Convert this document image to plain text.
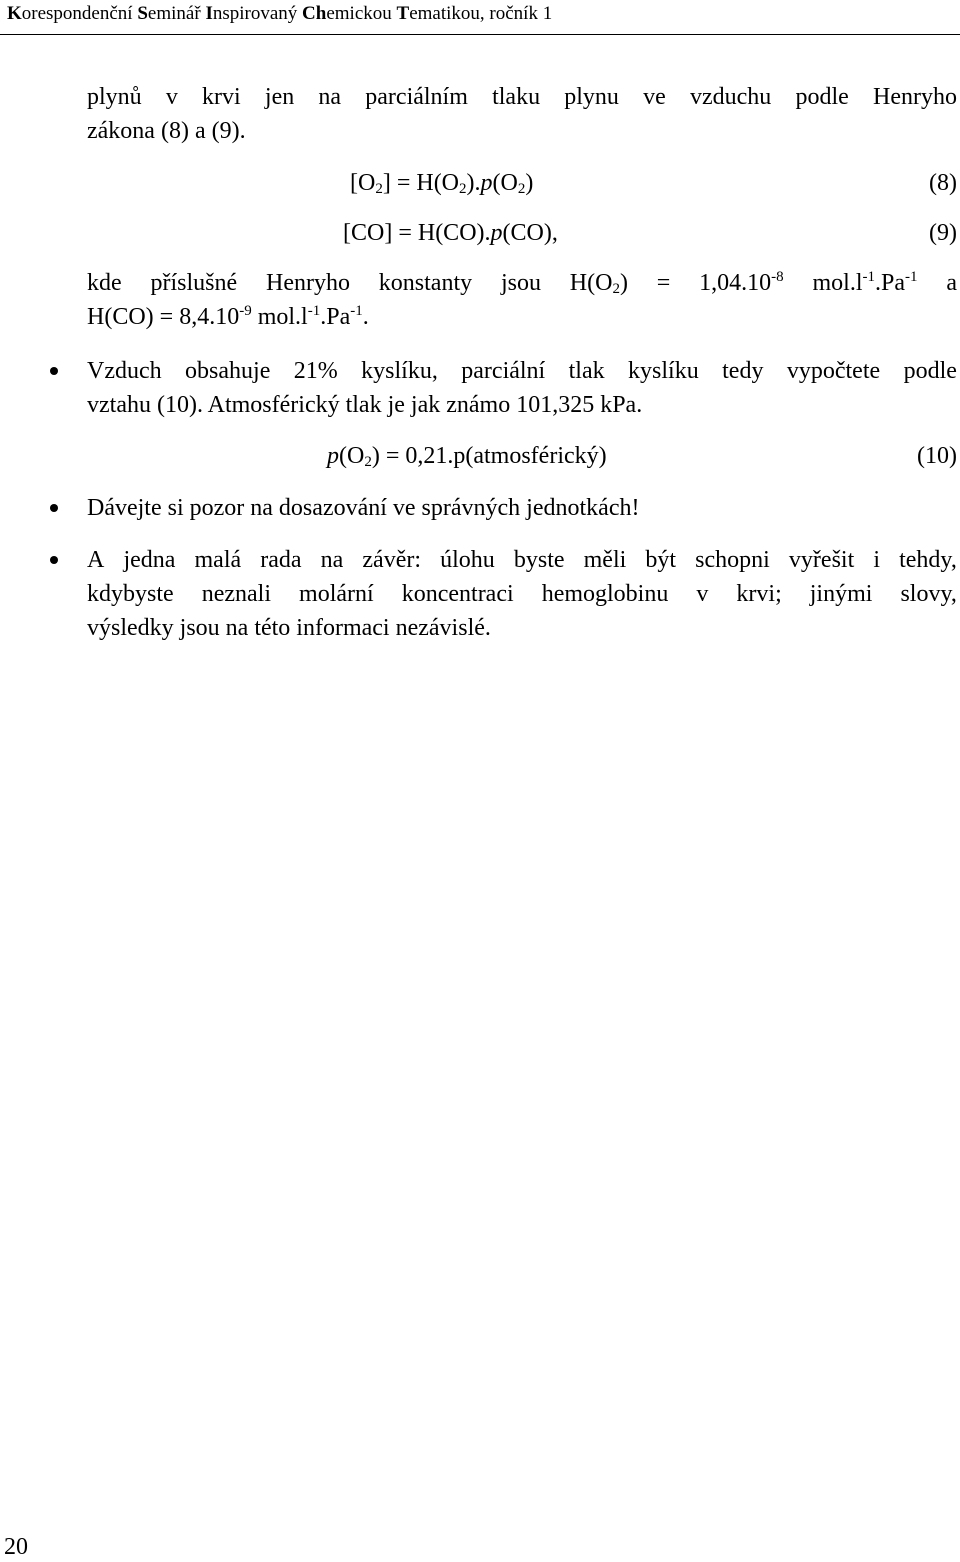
Korespondenční Seminář Inspirovaný Chemickou Tematikou, ročník 1
plynů v krvi jen na parciálním tlaku plynu ve vzduchu podle Henryho
zákona (8) a (9).
$[O_2] = H(O_2).p(O_2)$	(8)
[CO] = H(CO).p(CO),	(9)
kde příslušné Henryho konstanty jsou $H(O_2) = 1,04.10^{-8}$ $mol.l^{-1}.Pa^{-1}$ a
$H(CO) = 8,4.10^{-9}$ $mol.l^{-1}.Pa^{-1}$.
Vzduch obsahuje 21% kyslíku, parciální tlak kyslíku tedy vypočtete podle
vztahu (10). Atmosférický tlak je jak známo 101,325 kPa.
$p(O_2)$ = 0,21.p(atmosférický)	(10)
Dávejte si pozor na dosazování ve správných jednotkách!
A jedna malá rada na závěr: úlohu byste měli být schopni vyřešit i tehdy,
kdybyste neznali molární koncentraci hemoglobinu v krvi; jinými slovy,
výsledky jsou na této informaci nezávislé.
20
